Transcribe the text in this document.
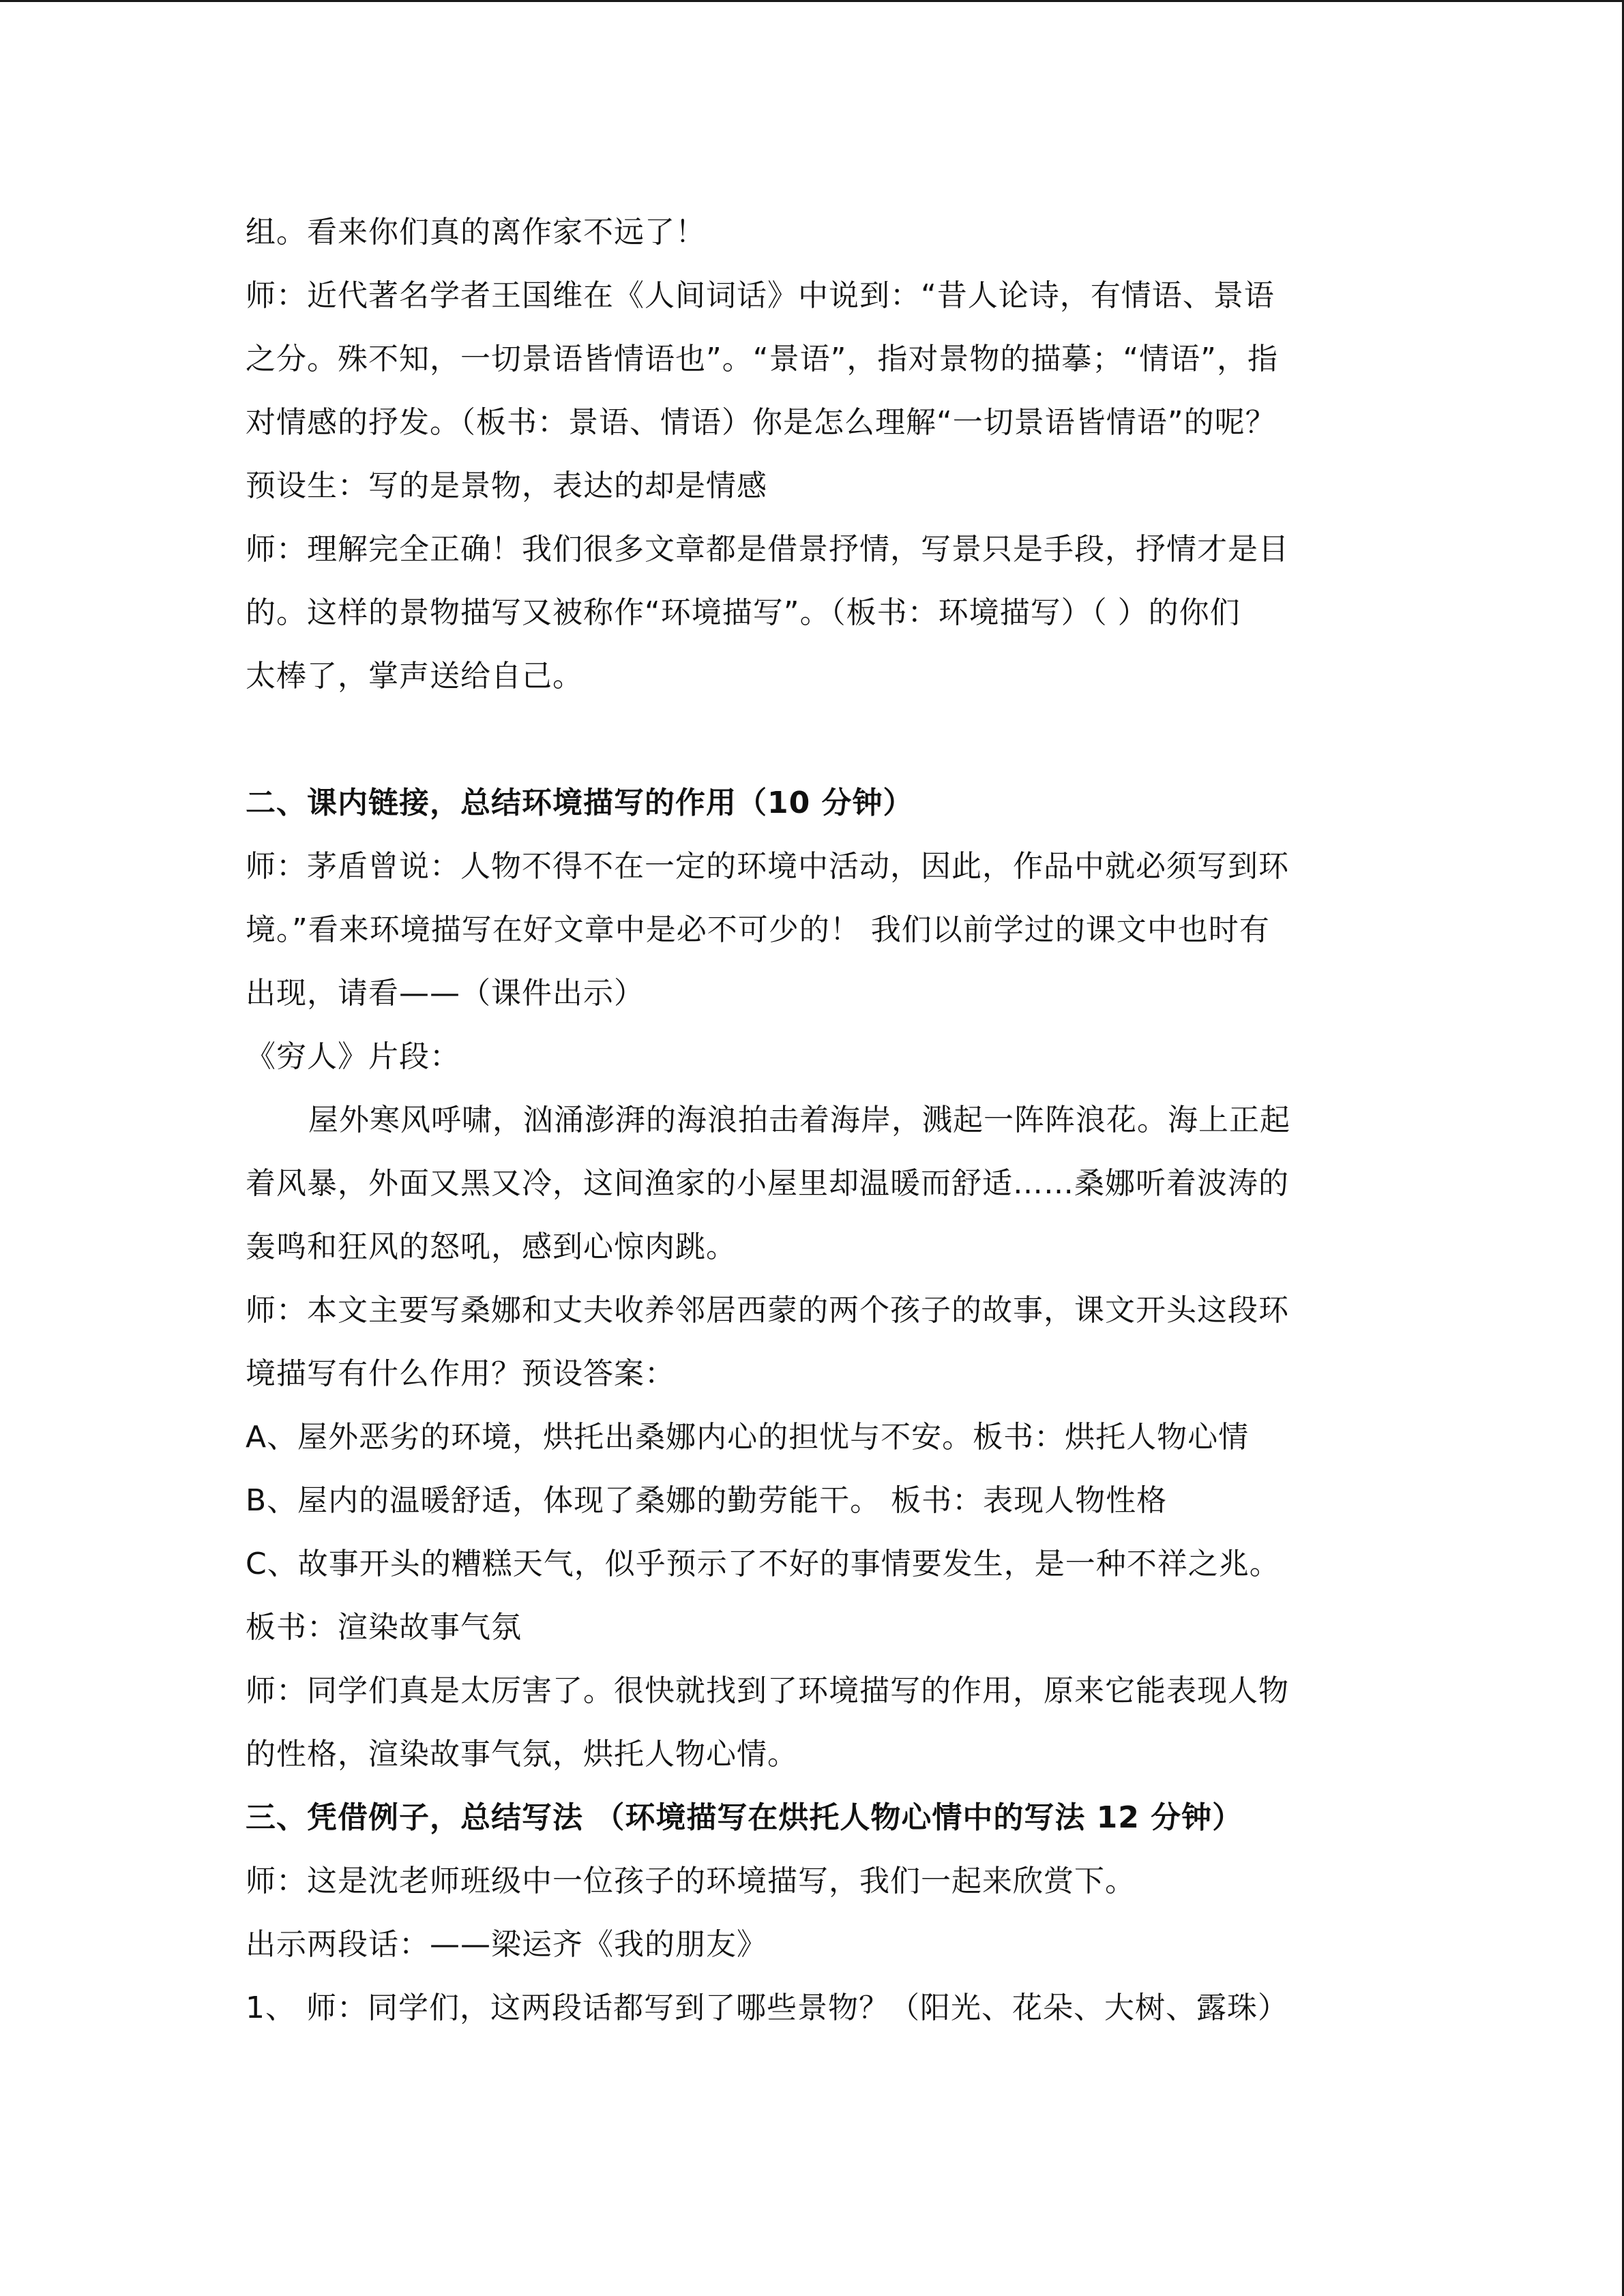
组。看来你们真的离作家不远了！
师：近代著名学者王国维在《人间词话》中说到：“昔人论诗，有情语、景语
之分。殊不知，一切景语皆情语也”。“景语”，指对景物的描摹；“情语”，指
对情感的抒发。（板书：景语、情语）你是怎么理解“一切景语皆情语”的呢？
预设生：写的是景物，表达的却是情感
师：理解完全正确！我们很多文章都是借景抒情，写景只是手段，抒情才是目
的。这样的景物描写又被称作“环境描写”。（板书：环境描写）（ ）的你们
太棒了，掌声送给自己。
二、课内链接，总结环境描写的作用（10 分钟）
师：茅盾曾说：人物不得不在一定的环境中活动，因此，作品中就必须写到环
境。”看来环境描写在好文章中是必不可少的！ 我们以前学过的课文中也时有
出现，请看——（课件出示）
《穷人》片段：
屋外寒风呼啸，汹涌澎湃的海浪拍击着海岸，溅起一阵阵浪花。海上正起
着风暴，外面又黑又冷，这间渔家的小屋里却温暖而舒适……桑娜听着波涛的
轰鸣和狂风的怒吼，感到心惊肉跳。
师：本文主要写桑娜和丈夫收养邻居西蒙的两个孩子的故事，课文开头这段环
境描写有什么作用？预设答案：
A、屋外恶劣的环境，烘托出桑娜内心的担忧与不安。板书：烘托人物心情
B、屋内的温暖舒适，体现了桑娜的勤劳能干。 板书：表现人物性格
C、故事开头的糟糕天气，似乎预示了不好的事情要发生，是一种不祥之兆。
板书：渲染故事气氛
师：同学们真是太厉害了。很快就找到了环境描写的作用，原来它能表现人物
的性格，渲染故事气氛，烘托人物心情。
三、凭借例子，总结写法 （环境描写在烘托人物心情中的写法 12 分钟）
师：这是沈老师班级中一位孩子的环境描写，我们一起来欣赏下。
出示两段话：——梁运齐《我的朋友》
1、 师：同学们，这两段话都写到了哪些景物？（阳光、花朵、大树、露珠）
